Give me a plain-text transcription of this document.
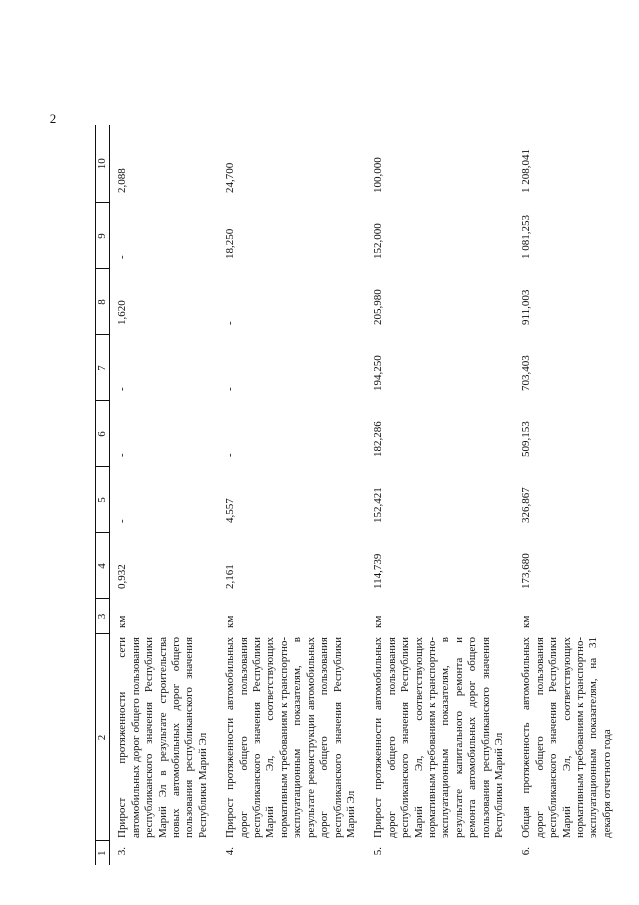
2
1	2	3	4	5	6	7	8	9	10
3.	Прирост протяженности сети автомобильных дорог общего пользования республиканского значения Республики Марий Эл в результате строительства новых автомобильных дорог общего пользования республиканского значения Республики Марий Эл	км	0,932	-	-	-	1,620	-	2,088
4.	Прирост протяженности автомобильных дорог общего пользования республиканского значения Республики Марий Эл, соответствующих нормативным требованиям к транспортно-эксплуатационным показателям, в результате реконструкции автомобильных дорог общего пользования республиканского значения Республики Марий Эл	км	2,161	4,557	-	-	-	18,250	24,700
5.	Прирост протяженности автомобильных дорог общего пользования республиканского значения Республики Марий Эл, соответствующих нормативным требованиям к транспортно-эксплуатационным показателям, в результате капитального ремонта и ремонта автомобильных дорог общего пользования республиканского значения Республики Марий Эл	км	114,739	152,421	182,286	194,250	205,980	152,000	100,000
6.	Общая протяженность автомобильных дорог общего пользования республиканского значения Республики Марий Эл, соответствующих нормативным требованиям к транспортно-эксплуатационным показателям, на 31 декабря отчетного года	км	173,680	326,867	509,153	703,403	911,003	1 081,253	1 208,041
